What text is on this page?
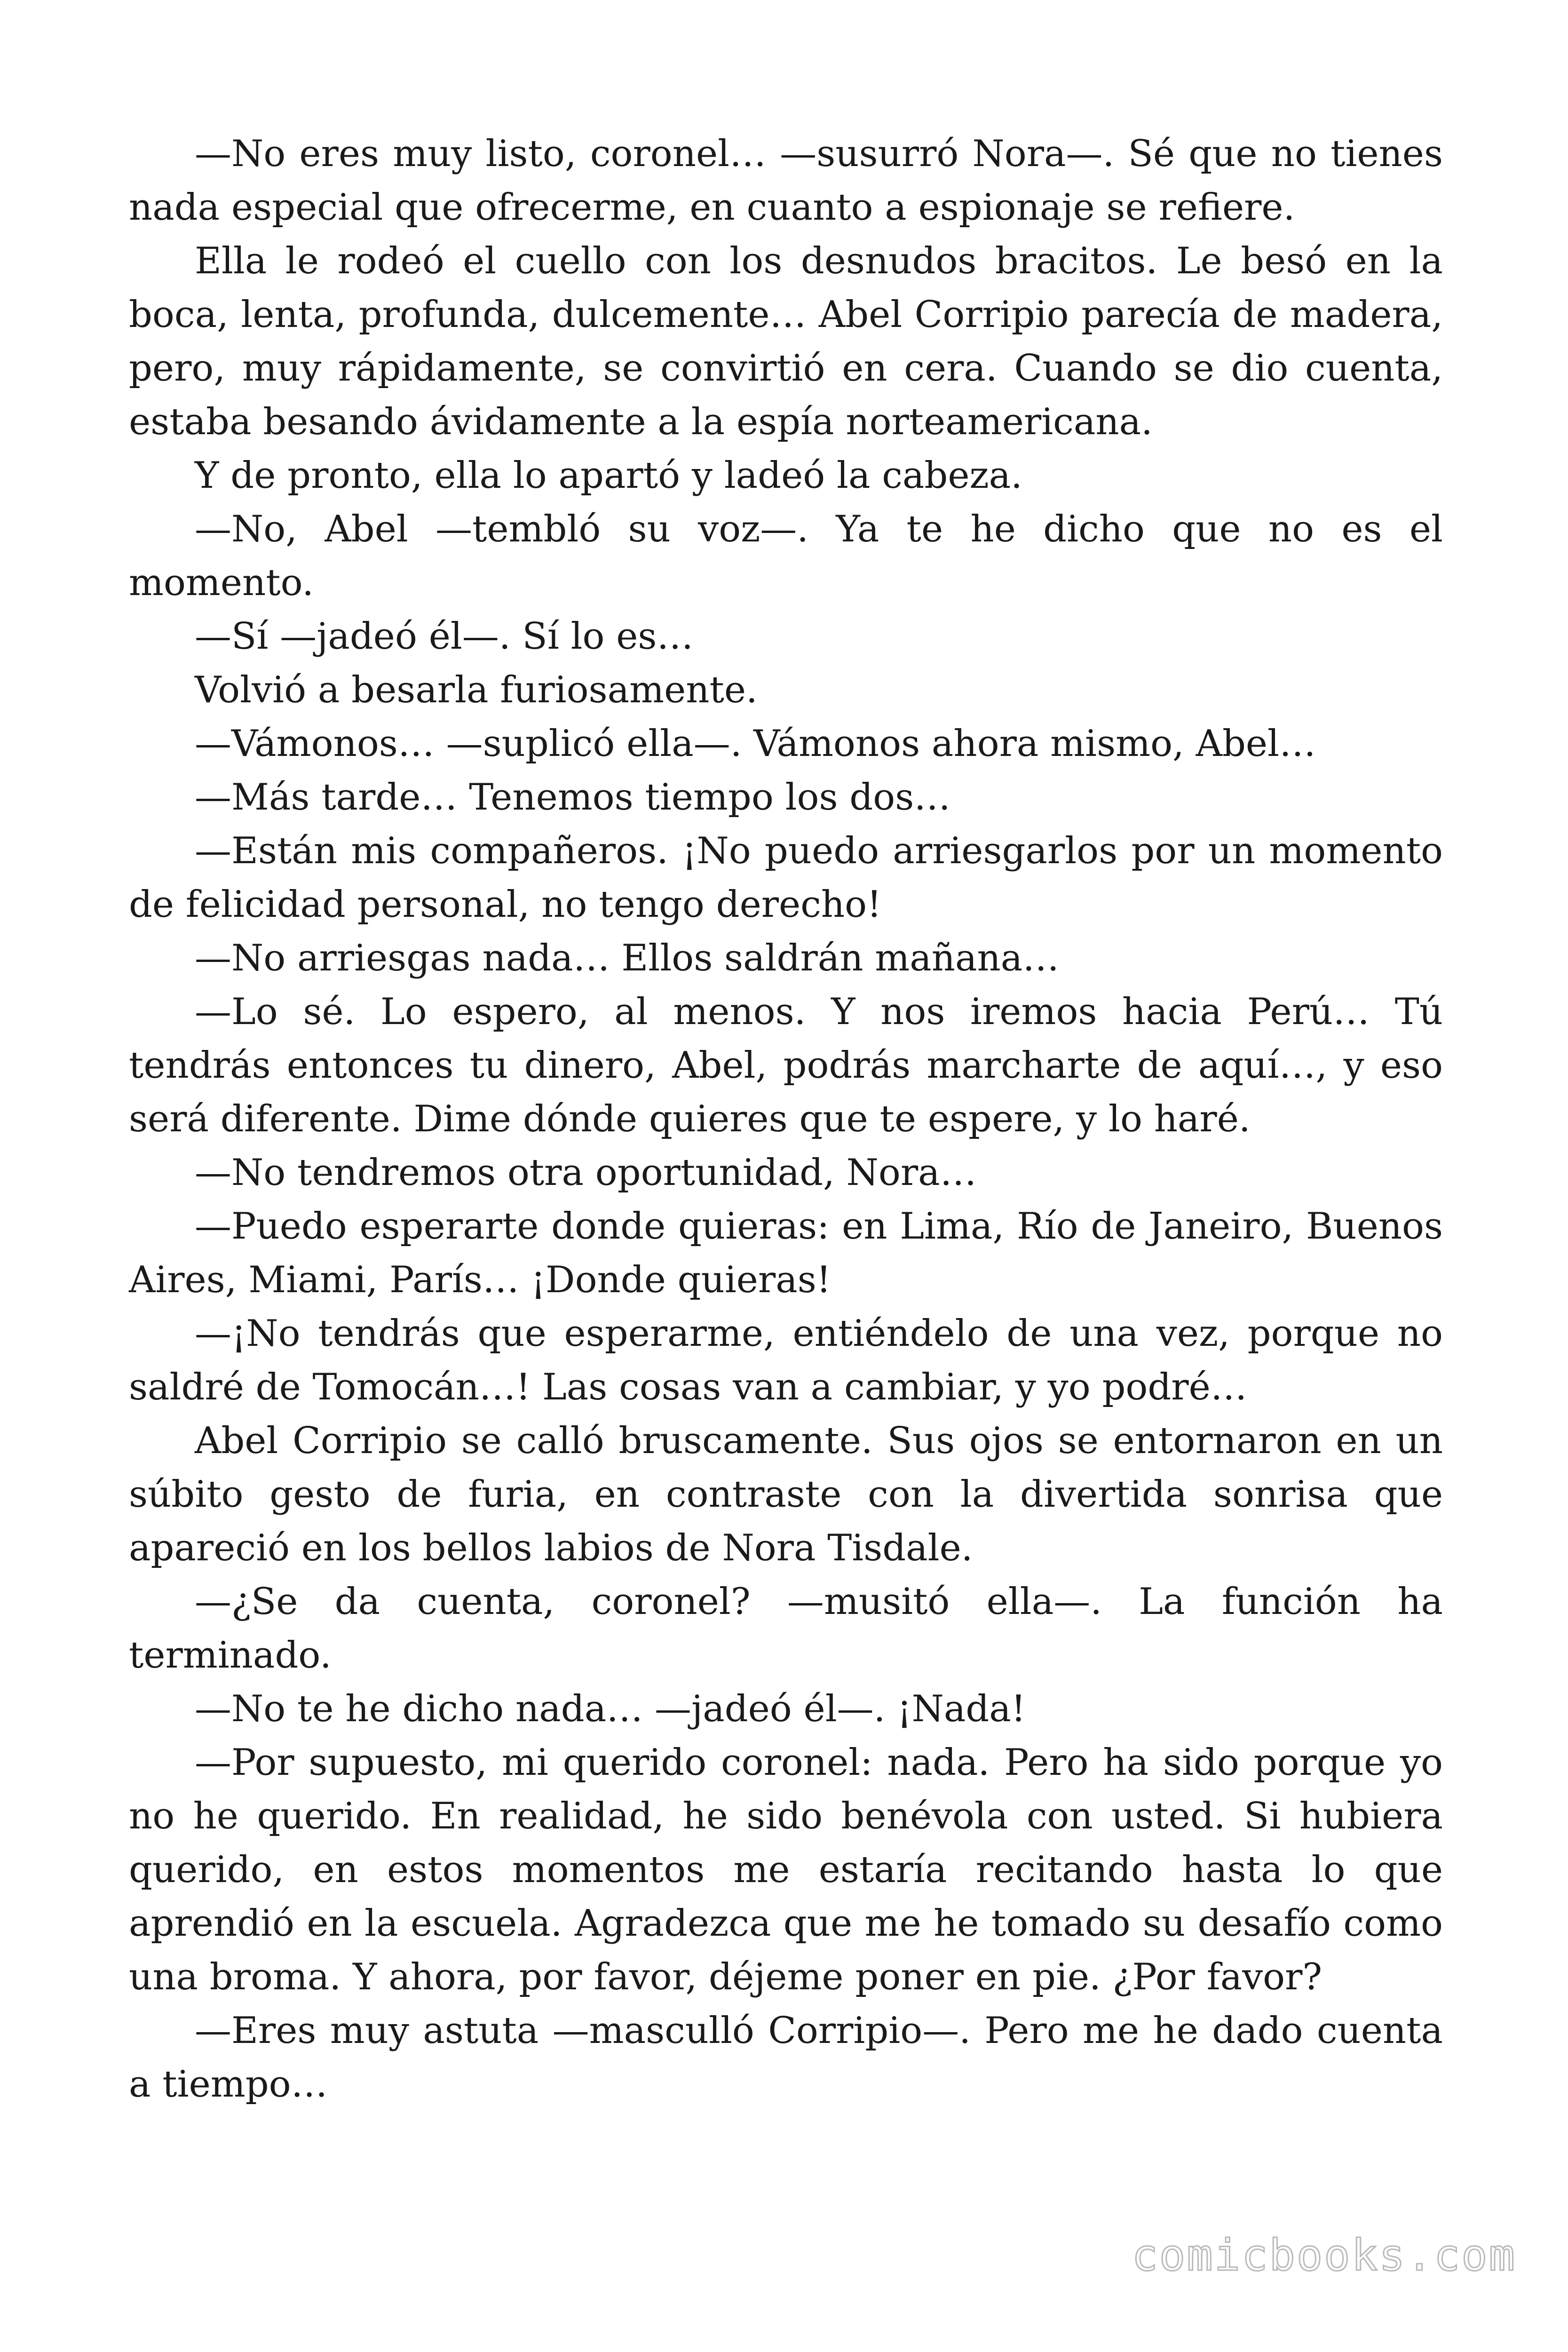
—No eres muy listo, coronel… —susurró Nora—. Sé que no tienes nada especial que ofrecerme, en cuanto a espionaje se refiere.

Ella le rodeó el cuello con los desnudos bracitos. Le besó en la boca, lenta, profunda, dulcemente… Abel Corripio parecía de madera, pero, muy rápidamente, se convirtió en cera. Cuando se dio cuenta, estaba besando ávidamente a la espía norteamericana.

Y de pronto, ella lo apartó y ladeó la cabeza.

—No, Abel —tembló su voz—. Ya te he dicho que no es el momento.

—Sí —jadeó él—. Sí lo es…

Volvió a besarla furiosamente.

—Vámonos… —suplicó ella—. Vámonos ahora mismo, Abel…

—Más tarde… Tenemos tiempo los dos…

—Están mis compañeros. ¡No puedo arriesgarlos por un momento de felicidad personal, no tengo derecho!

—No arriesgas nada… Ellos saldrán mañana…

—Lo sé. Lo espero, al menos. Y nos iremos hacia Perú… Tú tendrás entonces tu dinero, Abel, podrás marcharte de aquí…, y eso será diferente. Dime dónde quieres que te espere, y lo haré.

—No tendremos otra oportunidad, Nora…

—Puedo esperarte donde quieras: en Lima, Río de Janeiro, Buenos Aires, Miami, París… ¡Donde quieras!

—¡No tendrás que esperarme, entiéndelo de una vez, porque no saldré de Tomocán…! Las cosas van a cambiar, y yo podré…

Abel Corripio se calló bruscamente. Sus ojos se entornaron en un súbito gesto de furia, en contraste con la divertida sonrisa que apareció en los bellos labios de Nora Tisdale.

—¿Se da cuenta, coronel? —musitó ella—. La función ha terminado.

—No te he dicho nada… —jadeó él—. ¡Nada!

—Por supuesto, mi querido coronel: nada. Pero ha sido porque yo no he querido. En realidad, he sido benévola con usted. Si hubiera querido, en estos momentos me estaría recitando hasta lo que aprendió en la escuela. Agradezca que me he tomado su desafío como una broma. Y ahora, por favor, déjeme poner en pie. ¿Por favor?

—Eres muy astuta —masculló Corripio—. Pero me he dado cuenta a tiempo…

comicbooks.com
